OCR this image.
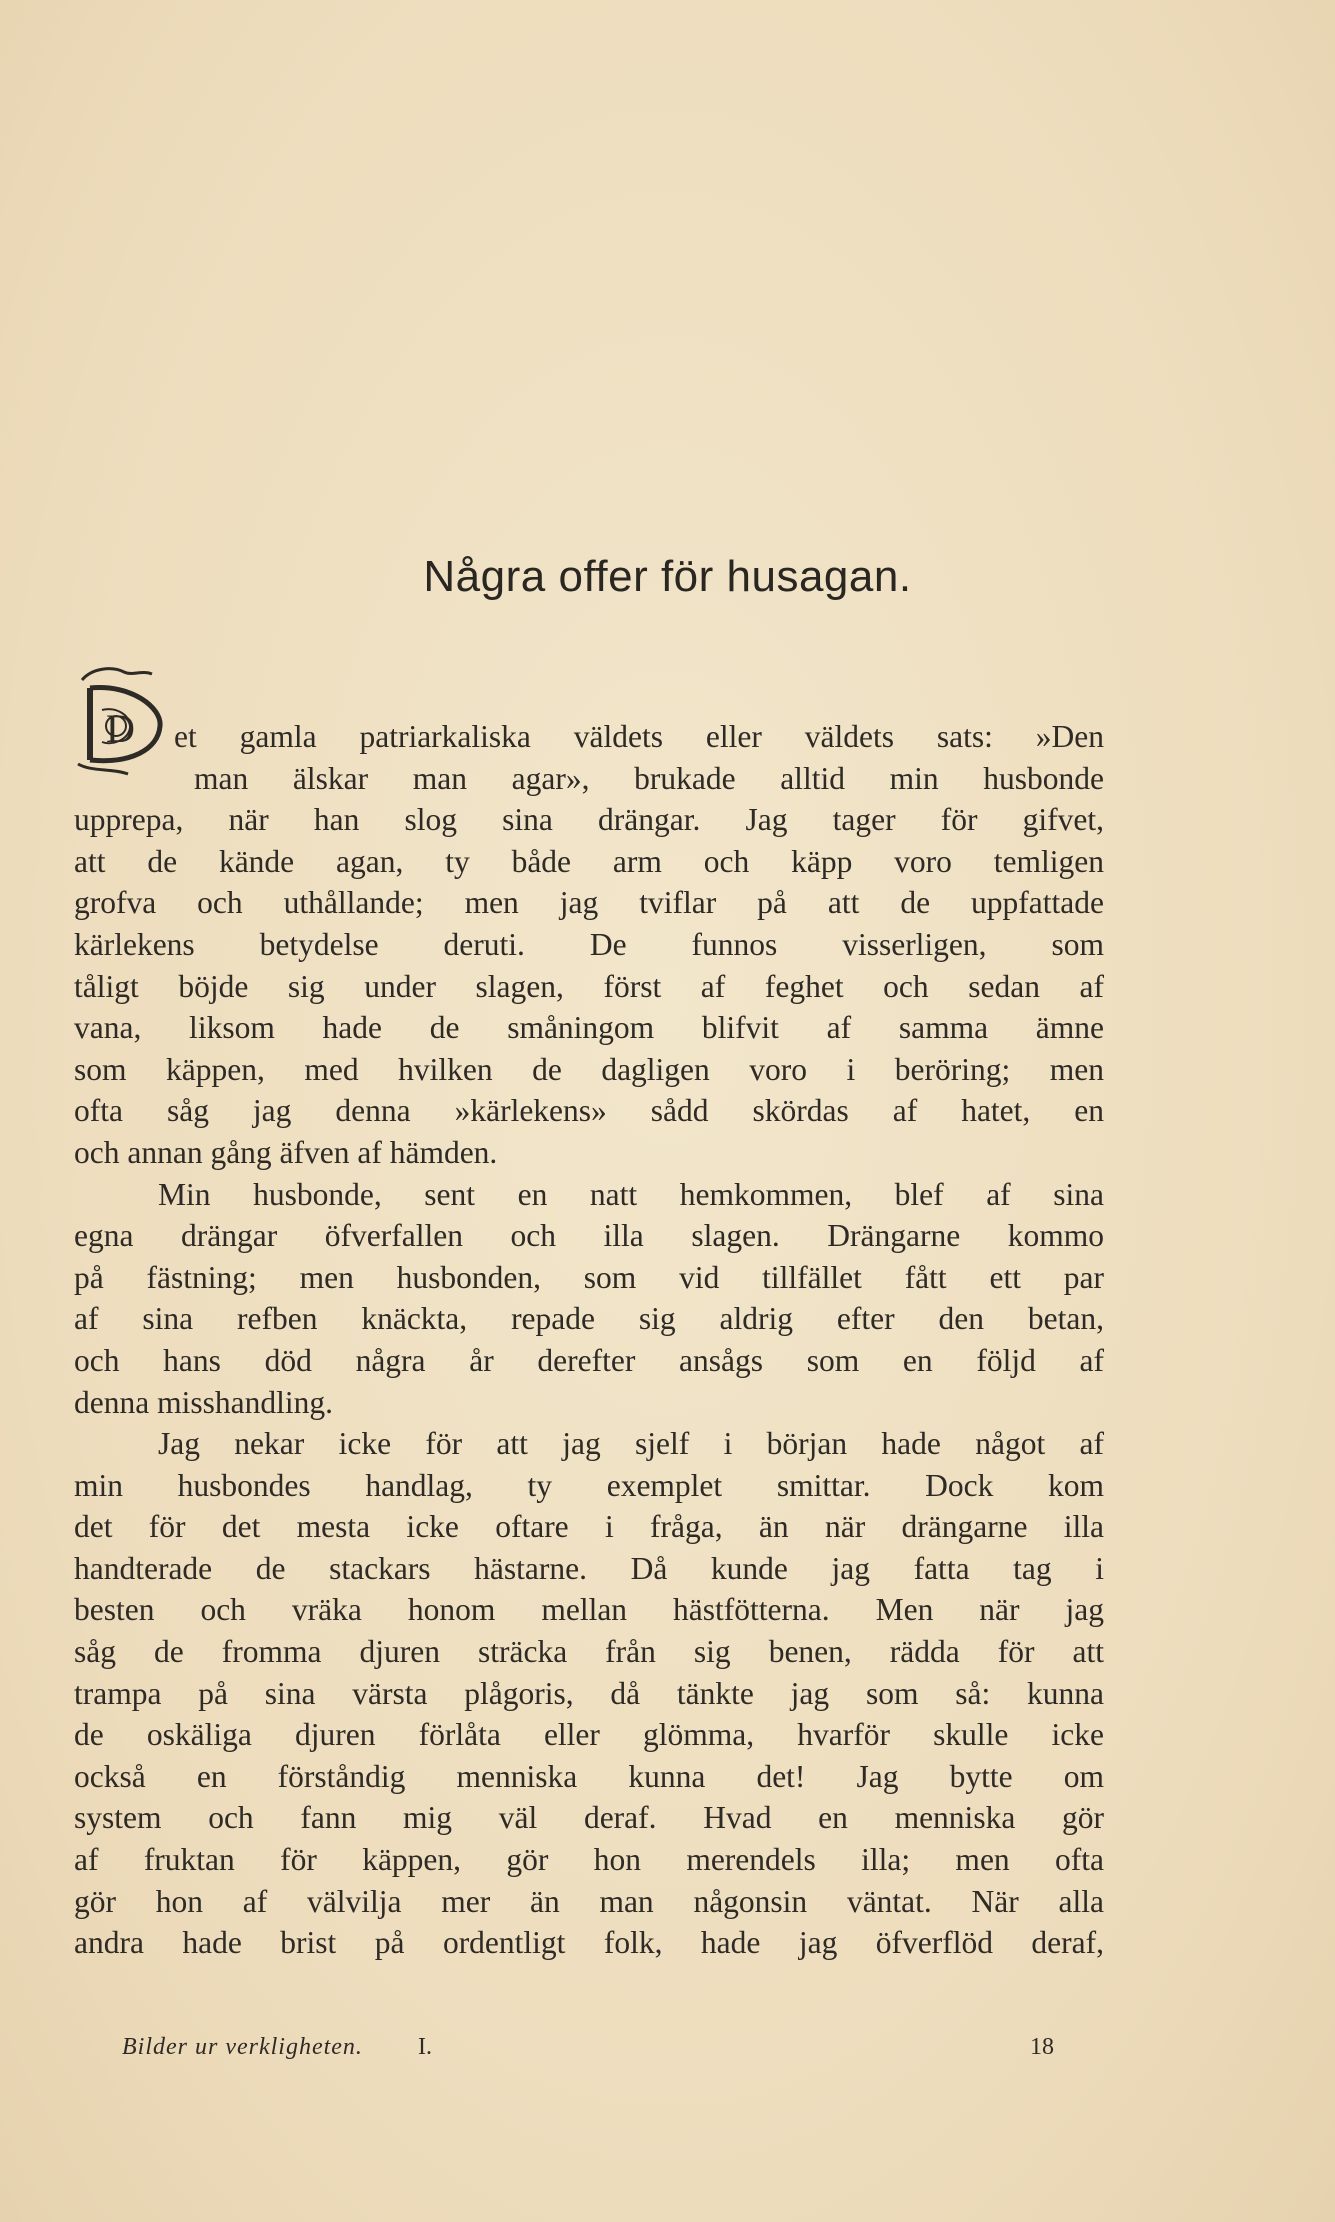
Några offer för husagan.
D	et gamla patriarkaliska väldets eller väldets sats: »Den
man älskar man agar», brukade alltid min husbonde
upprepa, när han slog sina drängar. Jag tager för gifvet,
att de kände agan, ty både arm och käpp voro temligen
grofva och uthållande; men jag tviflar på att de uppfattade
kärlekens betydelse deruti. De funnos visserligen, som
tåligt böjde sig under slagen, först af feghet och sedan af
vana, liksom hade de småningom blifvit af samma ämne
som käppen, med hvilken de dagligen voro i beröring; men
ofta såg jag denna »kärlekens» sådd skördas af hatet, en
och annan gång äfven af hämden.
Min husbonde, sent en natt hemkommen, blef af sina
egna drängar öfverfallen och illa slagen. Drängarne kommo
på fästning; men husbonden, som vid tillfället fått ett par
af sina refben knäckta, repade sig aldrig efter den betan,
och hans död några år derefter ansågs som en följd af
denna misshandling.
Jag nekar icke för att jag sjelf i början hade något af
min husbondes handlag, ty exemplet smittar. Dock kom
det för det mesta icke oftare i fråga, än när drängarne illa
handterade de stackars hästarne. Då kunde jag fatta tag i
besten och vräka honom mellan hästfötterna. Men när jag
såg de fromma djuren sträcka från sig benen, rädda för att
trampa på sina värsta plågoris, då tänkte jag som så: kunna
de oskäliga djuren förlåta eller glömma, hvarför skulle icke
också en förståndig menniska kunna det! Jag bytte om
system och fann mig väl deraf. Hvad en menniska gör
af fruktan för käppen, gör hon merendels illa; men ofta
gör hon af välvilja mer än man någonsin väntat. När alla
andra hade brist på ordentligt folk, hade jag öfverflöd deraf,
Bilder ur verkligheten. I.	18
